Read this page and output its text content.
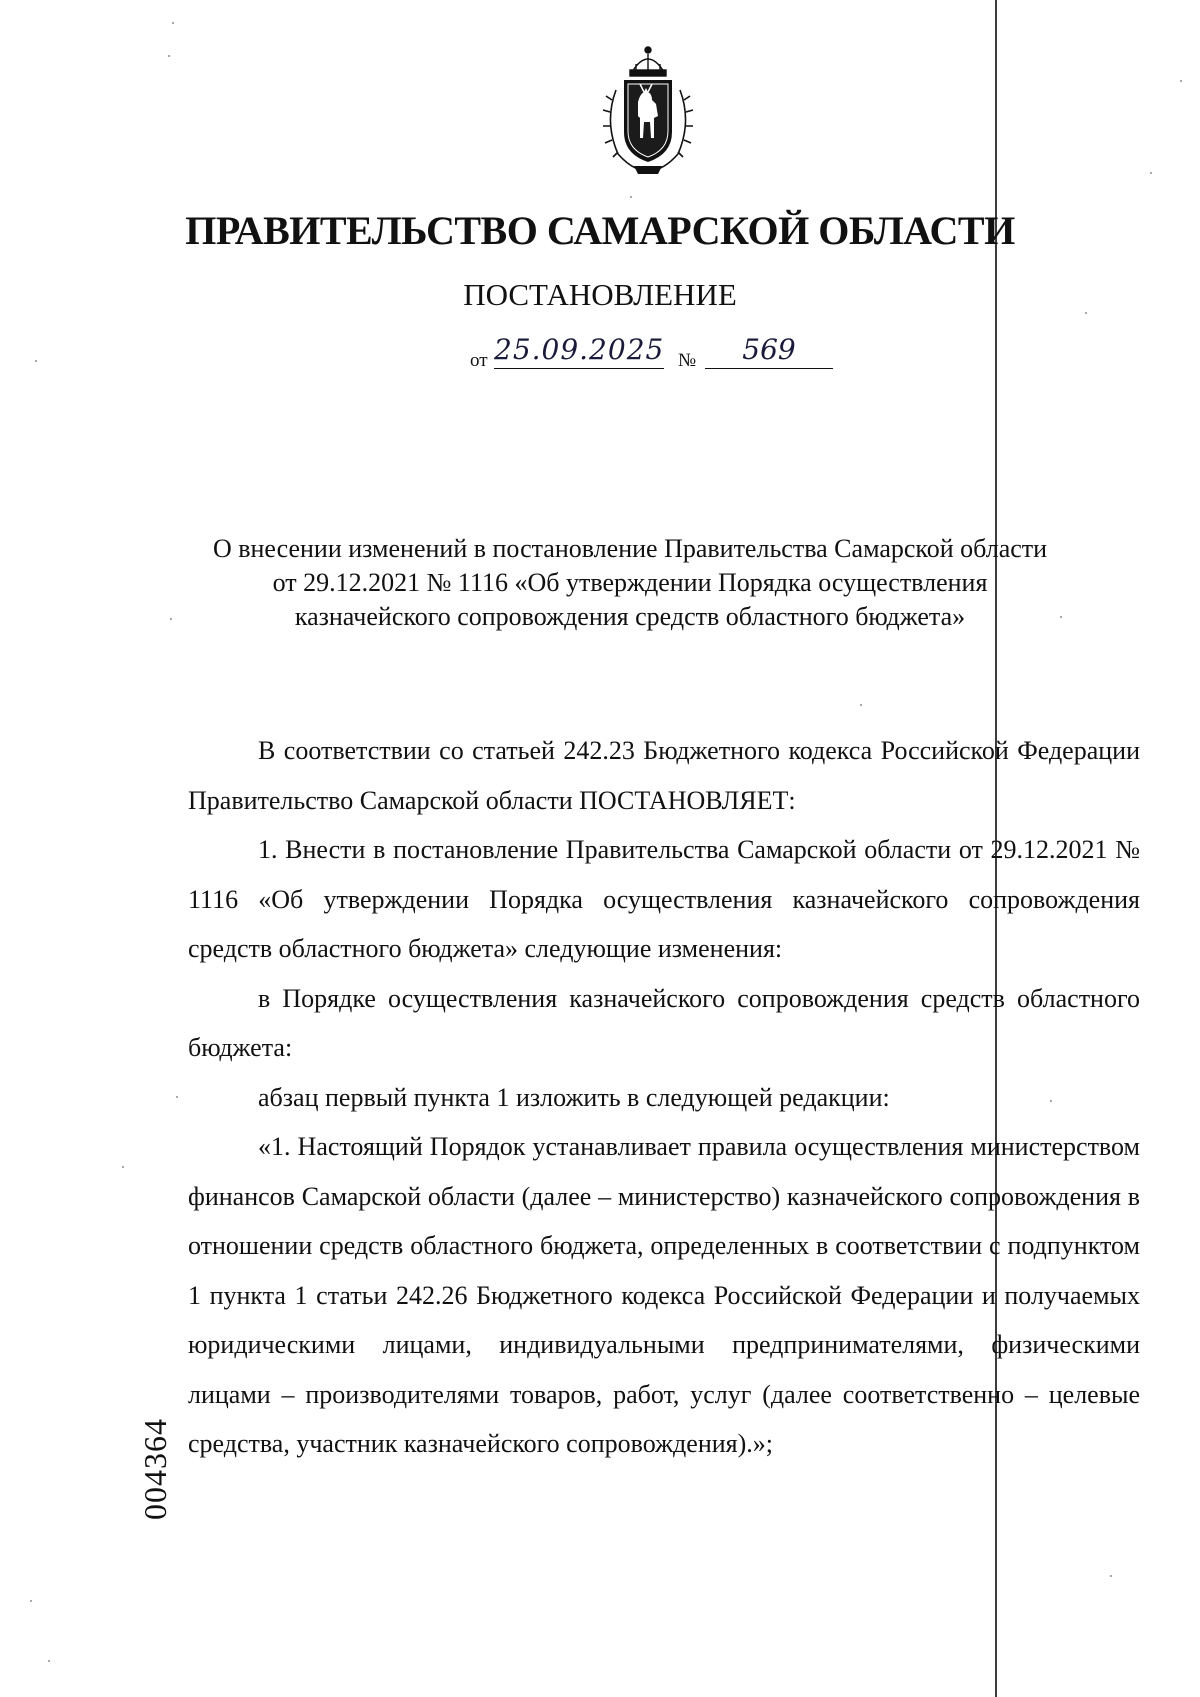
ПРАВИТЕЛЬСТВО САМАРСКОЙ ОБЛАСТИ
ПОСТАНОВЛЕНИЕ
от 25.09.2025 №	569
О внесении изменений в постановление Правительства Самарской области
от 29.12.2021 № 1116 «Об утверждении Порядка осуществления
казначейского сопровождения средств областного бюджета»

В соответствии со статьей 242.23 Бюджетного кодекса Российской Федерации Правительство Самарской области ПОСТАНОВЛЯЕТ:

1. Внести в постановление Правительства Самарской области от 29.12.2021 № 1116 «Об утверждении Порядка осуществления казначейского сопровождения средств областного бюджета» следующие изменения:

в Порядке осуществления казначейского сопровождения средств областного бюджета:

абзац первый пункта 1 изложить в следующей редакции:

«1. Настоящий Порядок устанавливает правила осуществления министерством финансов Самарской области (далее – министерство) казначейского сопровождения в отношении средств областного бюджета, определенных в соответствии с подпунктом 1 пункта 1 статьи 242.26 Бюджетного кодекса Российской Федерации и получаемых юридическими лицами, индивидуальными предпринимателями, физическими лицами – производителями товаров, работ, услуг (далее соответственно – целевые средства, участник казначейского сопровождения).»;

004364
